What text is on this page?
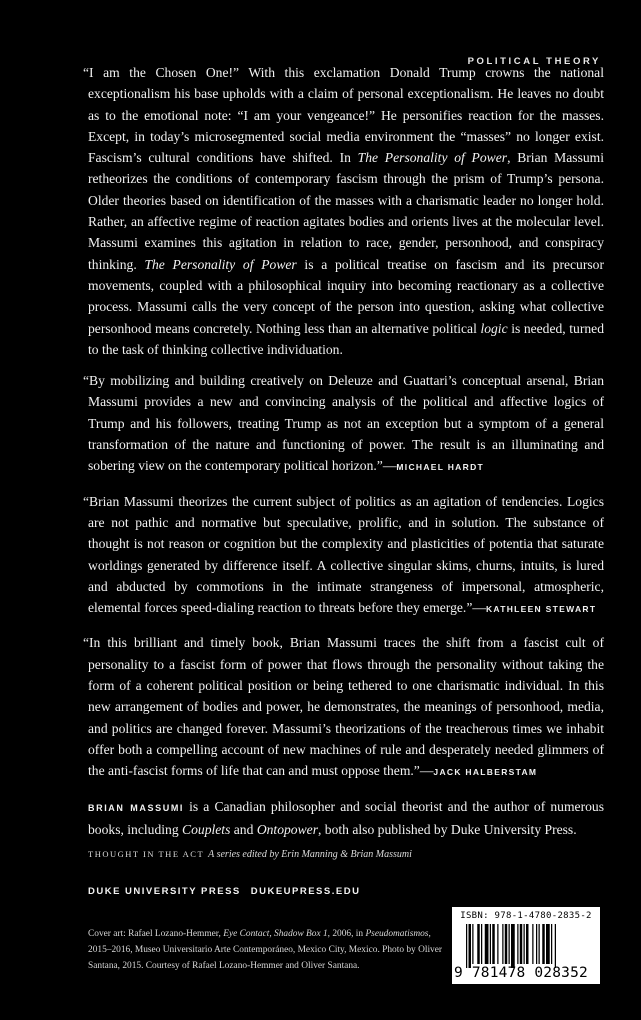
POLITICAL THEORY

“I am the Chosen One!” With this exclamation Donald Trump crowns the national exceptionalism his base upholds with a claim of personal exceptionalism. He leaves no doubt as to the emotional note: “I am your vengeance!” He personifies reaction for the masses. Except, in today’s microsegmented social media environment the “masses” no longer exist. Fascism’s cultural conditions have shifted. In The Personality of Power, Brian Massumi retheorizes the conditions of contemporary fascism through the prism of Trump’s persona. Older theories based on identification of the masses with a charismatic leader no longer hold. Rather, an affective regime of reaction agitates bodies and orients lives at the molecular level. Massumi examines this agitation in relation to race, gender, personhood, and conspiracy thinking. The Personality of Power is a political treatise on fascism and its precursor movements, coupled with a philosophical inquiry into becoming reactionary as a collective process. Massumi calls the very concept of the person into question, asking what collective personhood means concretely. Nothing less than an alternative political logic is needed, turned to the task of thinking collective individuation.

“By mobilizing and building creatively on Deleuze and Guattari’s conceptual arsenal, Brian Massumi provides a new and convincing analysis of the political and affective logics of Trump and his followers, treating Trump as not an exception but a symptom of a general transformation of the nature and functioning of power. The result is an illuminating and sobering view on the contemporary political horizon.”—MICHAEL HARDT

“Brian Massumi theorizes the current subject of politics as an agitation of tendencies. Logics are not pathic and normative but speculative, prolific, and in solution. The substance of thought is not reason or cognition but the complexity and plasticities of potentia that saturate worldings generated by difference itself. A collective singular skims, churns, intuits, is lured and abducted by commotions in the intimate strangeness of impersonal, atmospheric, elemental forces speed-dialing reaction to threats before they emerge.”—KATHLEEN STEWART

“In this brilliant and timely book, Brian Massumi traces the shift from a fascist cult of personality to a fascist form of power that flows through the personality without taking the form of a coherent political position or being tethered to one charismatic individual. In this new arrangement of bodies and power, he demonstrates, the meanings of personhood, media, and politics are changed forever. Massumi’s theorizations of the treacherous times we inhabit offer both a compelling account of new machines of rule and desperately needed glimmers of the anti-fascist forms of life that can and must oppose them.”—JACK HALBERSTAM

BRIAN MASSUMI is a Canadian philosopher and social theorist and the author of numerous books, including Couplets and Ontopower, both also published by Duke University Press.

THOUGHT IN THE ACT A series edited by Erin Manning & Brian Massumi
DUKE UNIVERSITY PRESS DUKEUPRESS.EDU
Cover art: Rafael Lozano-Hemmer, Eye Contact, Shadow Box 1, 2006, in Pseudomatismos, 2015–2016, Museo Universitario Arte Contemporáneo, Mexico City, Mexico. Photo by Oliver Santana, 2015. Courtesy of Rafael Lozano-Hemmer and Oliver Santana.
ISBN: 978-1-4780-2835-2
9 781478 028352
